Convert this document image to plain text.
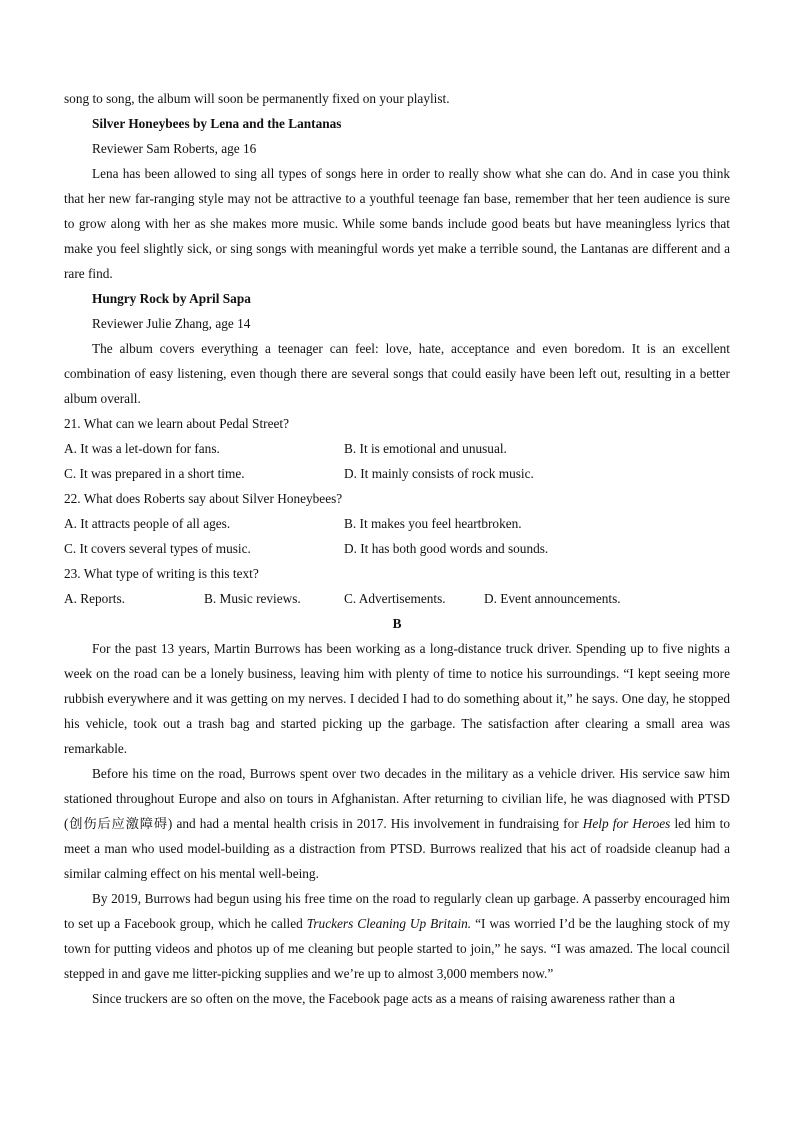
song to song, the album will soon be permanently fixed on your playlist.

Silver Honeybees by Lena and the Lantanas

Reviewer Sam Roberts, age 16

Lena has been allowed to sing all types of songs here in order to really show what she can do. And in case you think that her new far-ranging style may not be attractive to a youthful teenage fan base, remember that her teen audience is sure to grow along with her as she makes more music. While some bands include good beats but have meaningless lyrics that make you feel slightly sick, or sing songs with meaningful words yet make a terrible sound, the Lantanas are different and a rare find.

Hungry Rock by April Sapa

Reviewer Julie Zhang, age 14

The album covers everything a teenager can feel: love, hate, acceptance and even boredom. It is an excellent combination of easy listening, even though there are several songs that could easily have been left out, resulting in a better album overall.

21. What can we learn about Pedal Street?

A. It was a let-down for fans.	B. It is emotional and unusual.
C. It was prepared in a short time.	D. It mainly consists of rock music.

22. What does Roberts say about Silver Honeybees?

A. It attracts people of all ages.	B. It makes you feel heartbroken.
C. It covers several types of music.	D. It has both good words and sounds.

23. What type of writing is this text?

A. Reports.	B. Music reviews.	C. Advertisements.	D. Event announcements.

B

For the past 13 years, Martin Burrows has been working as a long-distance truck driver. Spending up to five nights a week on the road can be a lonely business, leaving him with plenty of time to notice his surroundings. “I kept seeing more rubbish everywhere and it was getting on my nerves. I decided I had to do something about it,” he says. One day, he stopped his vehicle, took out a trash bag and started picking up the garbage. The satisfaction after clearing a small area was remarkable.

Before his time on the road, Burrows spent over two decades in the military as a vehicle driver. His service saw him stationed throughout Europe and also on tours in Afghanistan. After returning to civilian life, he was diagnosed with PTSD (创伤后应激障碍) and had a mental health crisis in 2017. His involvement in fundraising for Help for Heroes led him to meet a man who used model-building as a distraction from PTSD. Burrows realized that his act of roadside cleanup had a similar calming effect on his mental well-being.

By 2019, Burrows had begun using his free time on the road to regularly clean up garbage. A passerby encouraged him to set up a Facebook group, which he called Truckers Cleaning Up Britain. “I was worried I’d be the laughing stock of my town for putting videos and photos up of me cleaning but people started to join,” he says. “I was amazed. The local council stepped in and gave me litter-picking supplies and we’re up to almost 3,000 members now.”

Since truckers are so often on the move, the Facebook page acts as a means of raising awareness rather than a
